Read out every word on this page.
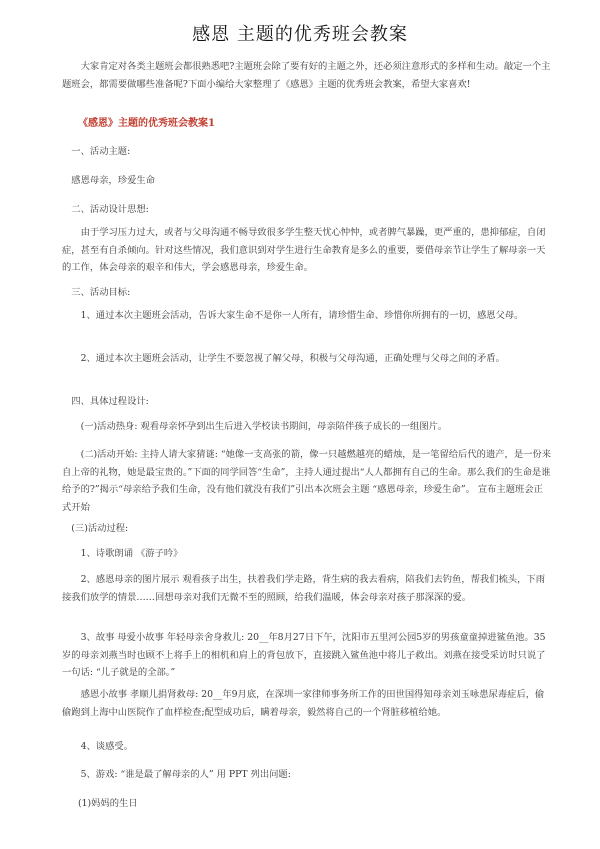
感恩 主题的优秀班会教案

大家肯定对各类主题班会都很熟悉吧?主题班会除了要有好的主题之外，还必须注意形式的多样和生动。敲定一个主题班会，都需要做哪些准备呢?下面小编给大家整理了《感恩》主题的优秀班会教案，希望大家喜欢!

《感恩》主题的优秀班会教案1

一、活动主题:

感恩母亲，珍爱生命

二、活动设计思想:

由于学习压力过大，或者与父母沟通不畅导致很多学生整天忧心忡忡，或者脾气暴躁，更严重的，患抑郁症，自闭症，甚至有自杀倾向。针对这些情况，我们意识到对学生进行生命教育是多么的重要，要借母亲节让学生了解母亲一天的工作，体会母亲的艰辛和伟大，学会感恩母亲，珍爱生命。

三、活动目标:

1、通过本次主题班会活动，告诉大家生命不是你一人所有，请珍惜生命、珍惜你所拥有的一切，感恩父母。

2、通过本次主题班会活动，让学生不要忽视了解父母，积极与父母沟通，正确处理与父母之间的矛盾。

四、具体过程设计:

(一)活动热身: 观看母亲怀孕到出生后进入学校读书期间，母亲陪伴孩子成长的一组图片。

(二)活动开始: 主持人请大家猜谜: “她像一支高张的箭，像一只越燃越亮的蜡烛，是一笔留给后代的遗产，是一份来自上帝的礼物，她是最宝贵的。”下面的同学回答“生命”，主持人通过提出“人人都拥有自己的生命。那么我们的生命是谁给予的?”揭示“母亲给予我们生命，没有他们就没有我们”引出本次班会主题 “感恩母亲，珍爱生命”。 宣布主题班会正式开始

(三)活动过程:

1、诗歌朗诵 《游子吟》

2、感恩母亲的图片展示 观看孩子出生，扶着我们学走路，背生病的我去看病，陪我们去钓鱼，帮我们梳头，下雨接我们放学的情景……回想母亲对我们无微不至的照顾，给我们温暖，体会母亲对孩子那深深的爱。

3、故事 母爱小故事 年轻母亲舍身救儿: 20__年8月27日下午，沈阳市五里河公园5岁的男孩童童掉进鲨鱼池。35岁的母亲刘燕当时也顾不上将手上的相机和肩上的背包放下，直接跳入鲨鱼池中将儿子救出。刘燕在接受采访时只说了一句话: “儿子就是的全部。”

感恩小故事 孝顺儿捐肾救母: 20__年9月底，在深圳一家律师事务所工作的田世国得知母亲刘玉咏患尿毒症后，偷偷跑到上海中山医院作了血样检查;配型成功后，瞒着母亲，毅然将自己的一个肾脏移植给她。

4、谈感受。

5、游戏: “谁是最了解母亲的人” 用 PPT 列出问题:

(1)妈妈的生日
